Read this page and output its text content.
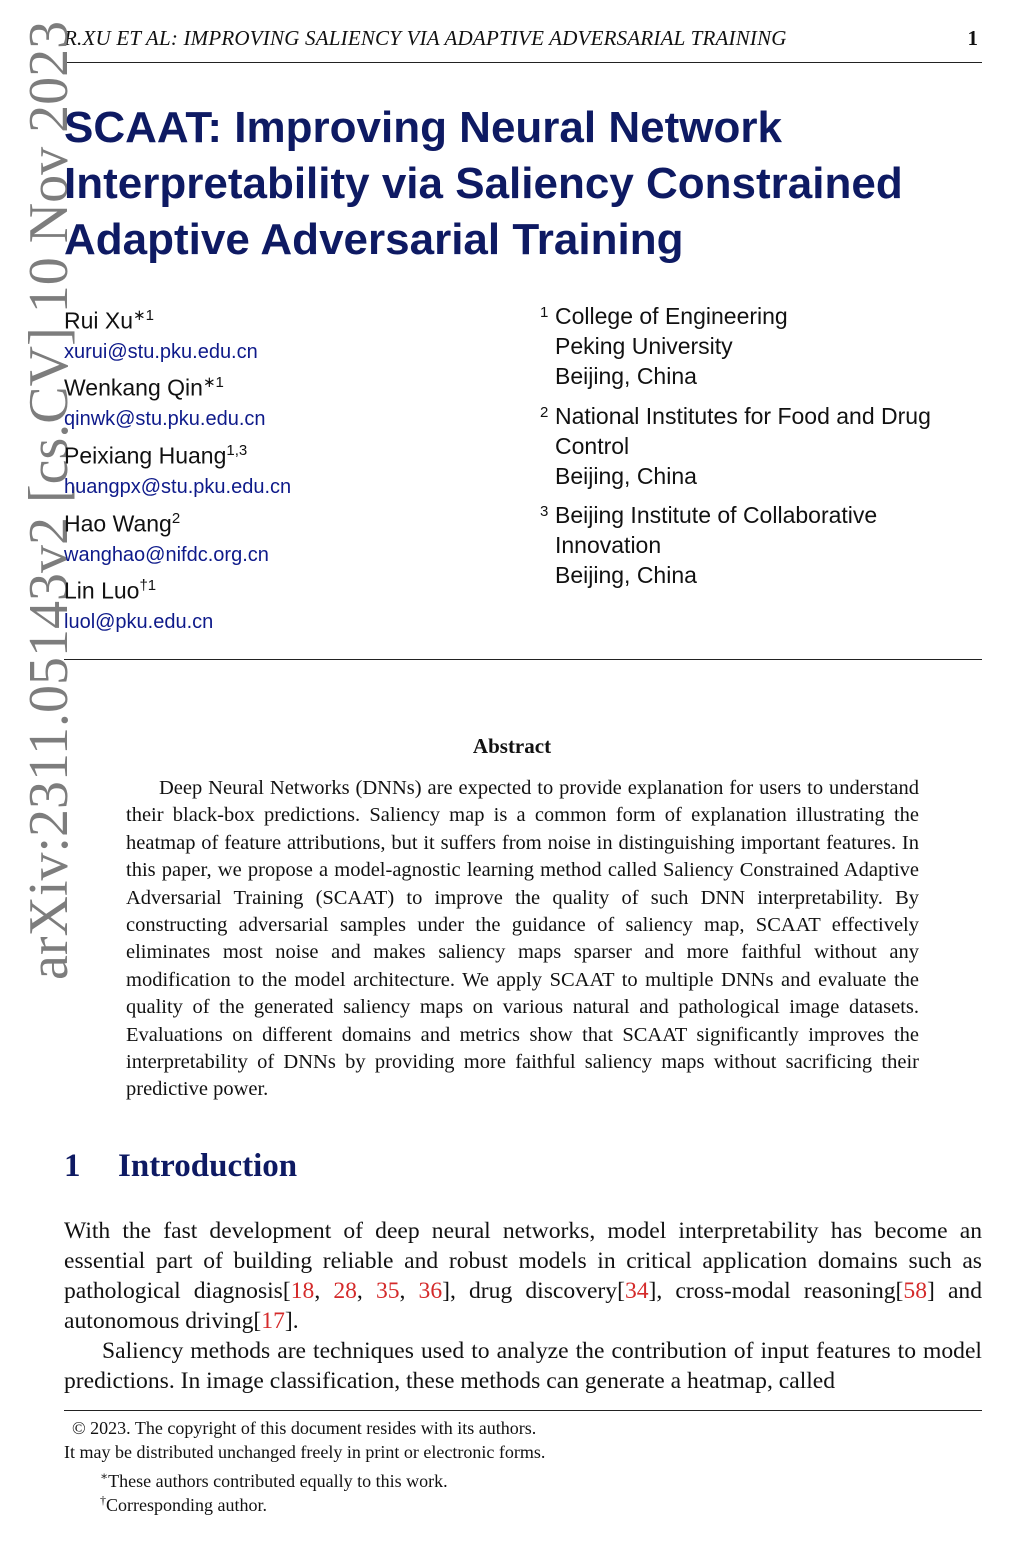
R.XU ET AL: IMPROVING SALIENCY VIA ADAPTIVE ADVERSARIAL TRAINING	1
arXiv:2311.05143v2 [cs.CV] 10 Nov 2023
SCAAT: Improving Neural Network
Interpretability via Saliency Constrained
Adaptive Adversarial Training
Rui $Xu^{∗1}$
xurui@stu.pku.edu.cn
Wenkang Qin$^{∗1}$
qinwk@stu.pku.edu.cn
Peixiang Huang$^{1,3}$
huangpx@stu.pku.edu.cn
Hao Wang$^2$
wanghao@nifdc.org.cn
Lin Luo$^{\dagger 1}$
luol@pku.edu.cn
1 College of Engineering
Peking University
Beijing, China
2 National Institutes for Food and Drug
Control
Beijing, China
3 Beijing Institute of Collaborative
Innovation
Beijing, China
Abstract

Deep Neural Networks (DNNs) are expected to provide explanation for users to understand their black-box predictions. Saliency map is a common form of explanation illustrating the heatmap of feature attributions, but it suffers from noise in distinguishing important features. In this paper, we propose a model-agnostic learning method called Saliency Constrained Adaptive Adversarial Training (SCAAT) to improve the quality of such DNN interpretability. By constructing adversarial samples under the guidance of saliency map, SCAAT effectively eliminates most noise and makes saliency maps sparser and more faithful without any modification to the model architecture. We apply SCAAT to multiple DNNs and evaluate the quality of the generated saliency maps on various natural and pathological image datasets. Evaluations on different domains and metrics show that SCAAT significantly improves the interpretability of DNNs by providing more faithful saliency maps without sacrificing their predictive power.

1 Introduction

With the fast development of deep neural networks, model interpretability has become an essential part of building reliable and robust models in critical application domains such as pathological diagnosis[18, 28, 35, 36], drug discovery[34], cross-modal reasoning[58] and autonomous driving[17].

Saliency methods are techniques used to analyze the contribution of input features to model predictions. In image classification, these methods can generate a heatmap, called

© 2023. The copyright of this document resides with its authors.
It may be distributed unchanged freely in print or electronic forms.
∗These authors contributed equally to this work.
†Corresponding author.
